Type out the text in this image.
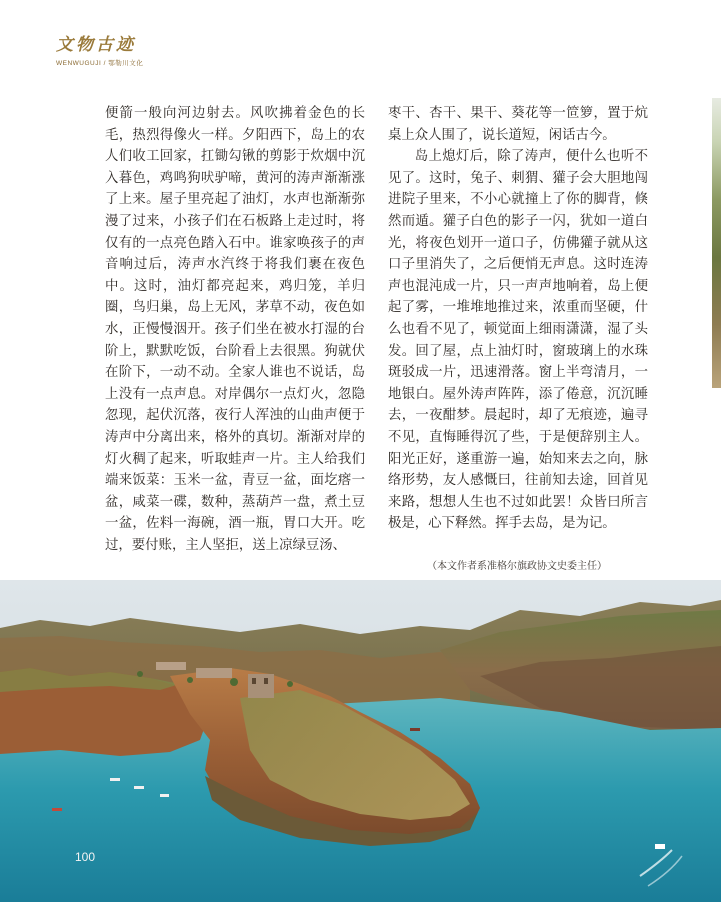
文物古迹
WENWUGUJI / 鄂勒川文化

便箭一般向河边射去。风吹拂着金色的长毛，热烈得像火一样。夕阳西下，岛上的农人们收工回家，扛锄勾锹的剪影于炊烟中沉入暮色，鸡鸣狗吠驴啼，黄河的涛声渐渐涨了上来。屋子里亮起了油灯，水声也渐渐弥漫了过来，小孩子们在石板路上走过时，将仅有的一点亮色踏入石中。谁家唤孩子的声音响过后，涛声水汽终于将我们裹在夜色中。这时，油灯都亮起来，鸡归笼，羊归圈，鸟归巢，岛上无风，茅草不动，夜色如水，正慢慢洇开。孩子们坐在被水打湿的台阶上，默默吃饭，台阶看上去很黑。狗就伏在阶下，一动不动。全家人谁也不说话，岛上没有一点声息。对岸偶尔一点灯火，忽隐忽现，起伏沉落，夜行人浑浊的山曲声便于涛声中分离出来，格外的真切。渐渐对岸的灯火稠了起来，听取蛙声一片。主人给我们端来饭菜：玉米一盆，青豆一盆，面圪瘩一盆，咸菜一碟，数种，蒸葫芦一盘，煮土豆一盆，佐料一海碗，酒一瓶，胃口大开。吃过，要付账，主人坚拒，送上凉绿豆汤、

枣干、杏干、果干、葵花等一笸箩，置于炕桌上众人围了，说长道短，闲话古今。

岛上熄灯后，除了涛声，便什么也听不见了。这时，兔子、刺猬、獾子会大胆地闯进院子里来，不小心就撞上了你的脚背，倏然而遁。獾子白色的影子一闪，犹如一道白光，将夜色划开一道口子，仿佛獾子就从这口子里消失了，之后便悄无声息。这时连涛声也混沌成一片，只一声声地响着，岛上便起了雾，一堆堆地推过来，浓重而坚硬，什么也看不见了，顿觉面上细雨潇潇，湿了头发。回了屋，点上油灯时，窗玻璃上的水珠斑驳成一片，迅速滑落。窗上半弯清月，一地银白。屋外涛声阵阵，添了倦意，沉沉睡去，一夜酣梦。晨起时，却了无痕迹，遍寻不见，直悔睡得沉了些，于是便辞别主人。阳光正好，遂重游一遍，始知来去之向，脉络形势，友人感慨曰，往前知去途，回首见来路，想想人生也不过如此罢！众皆曰所言极是，心下释然。挥手去岛，是为记。

（本文作者系准格尔旗政协文史委主任）
100
